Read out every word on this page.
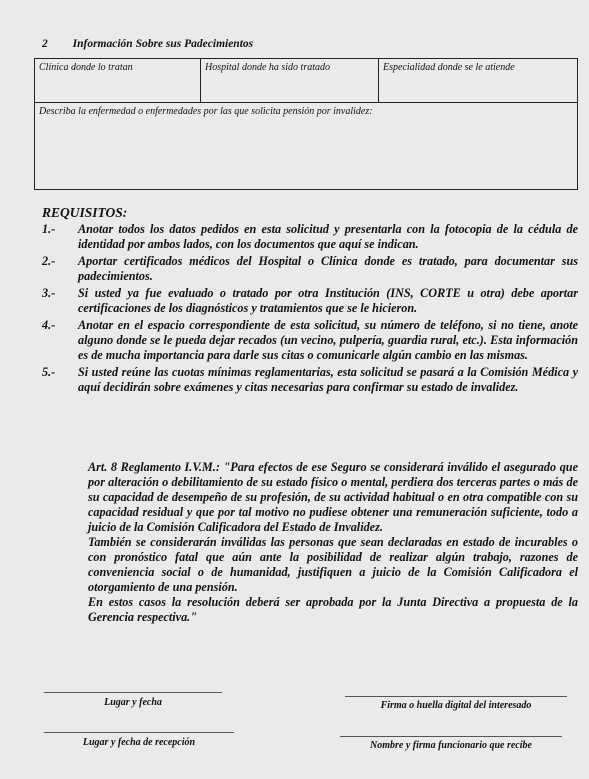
2 Información Sobre sus Padecimientos
Clínica donde lo tratan	Hospital donde ha sido tratado	Especialidad donde se le atiende
Describa la enfermedad o enfermedades por las que solicita pensión por invalidez:
REQUISITOS:
1.-	Anotar todos los datos pedidos en esta solicitud y presentarla con la fotocopia de la cédula de identidad por ambos lados, con los documentos que aquí se indican.
2.-	Aportar certificados médicos del Hospital o Clínica donde es tratado, para documentar sus padecimientos.
3.-	Si usted ya fue evaluado o tratado por otra Institución (INS, CORTE u otra) debe aportar certificaciones de los diagnósticos y tratamientos que se le hicieron.
4.-	Anotar en el espacio correspondiente de esta solicitud, su número de teléfono, si no tiene, anote alguno donde se le pueda dejar recados (un vecino, pulpería, guardia rural, etc.). Esta información es de mucha importancia para darle sus citas o comunicarle algún cambio en las mismas.
5.-	Si usted reúne las cuotas mínimas reglamentarias, esta solicitud se pasará a la Comisión Médica y aquí decidirán sobre exámenes y citas necesarias para confirmar su estado de invalidez.

Art. 8 Reglamento I.V.M.: "Para efectos de ese Seguro se considerará inválido el asegurado que por alteración o debilitamiento de su estado físico o mental, perdiera dos terceras partes o más de su capacidad de desempeño de su profesión, de su actividad habitual o en otra compatible con su capacidad residual y que por tal motivo no pudiese obtener una remuneración suficiente, todo a juicio de la Comisión Calificadora del Estado de Invalidez.

También se considerarán inválidas las personas que sean declaradas en estado de incurables o con pronóstico fatal que aún ante la posibilidad de realizar algún trabajo, razones de conveniencia social o de humanidad, justifiquen a juicio de la Comisión Calificadora el otorgamiento de una pensión.

En estos casos la resolución deberá ser aprobada por la Junta Directiva a propuesta de la Gerencia respectiva."

Lugar y fecha	Firma o huella digital del interesado
Lugar y fecha de recepción	Nombre y firma funcionario que recibe
